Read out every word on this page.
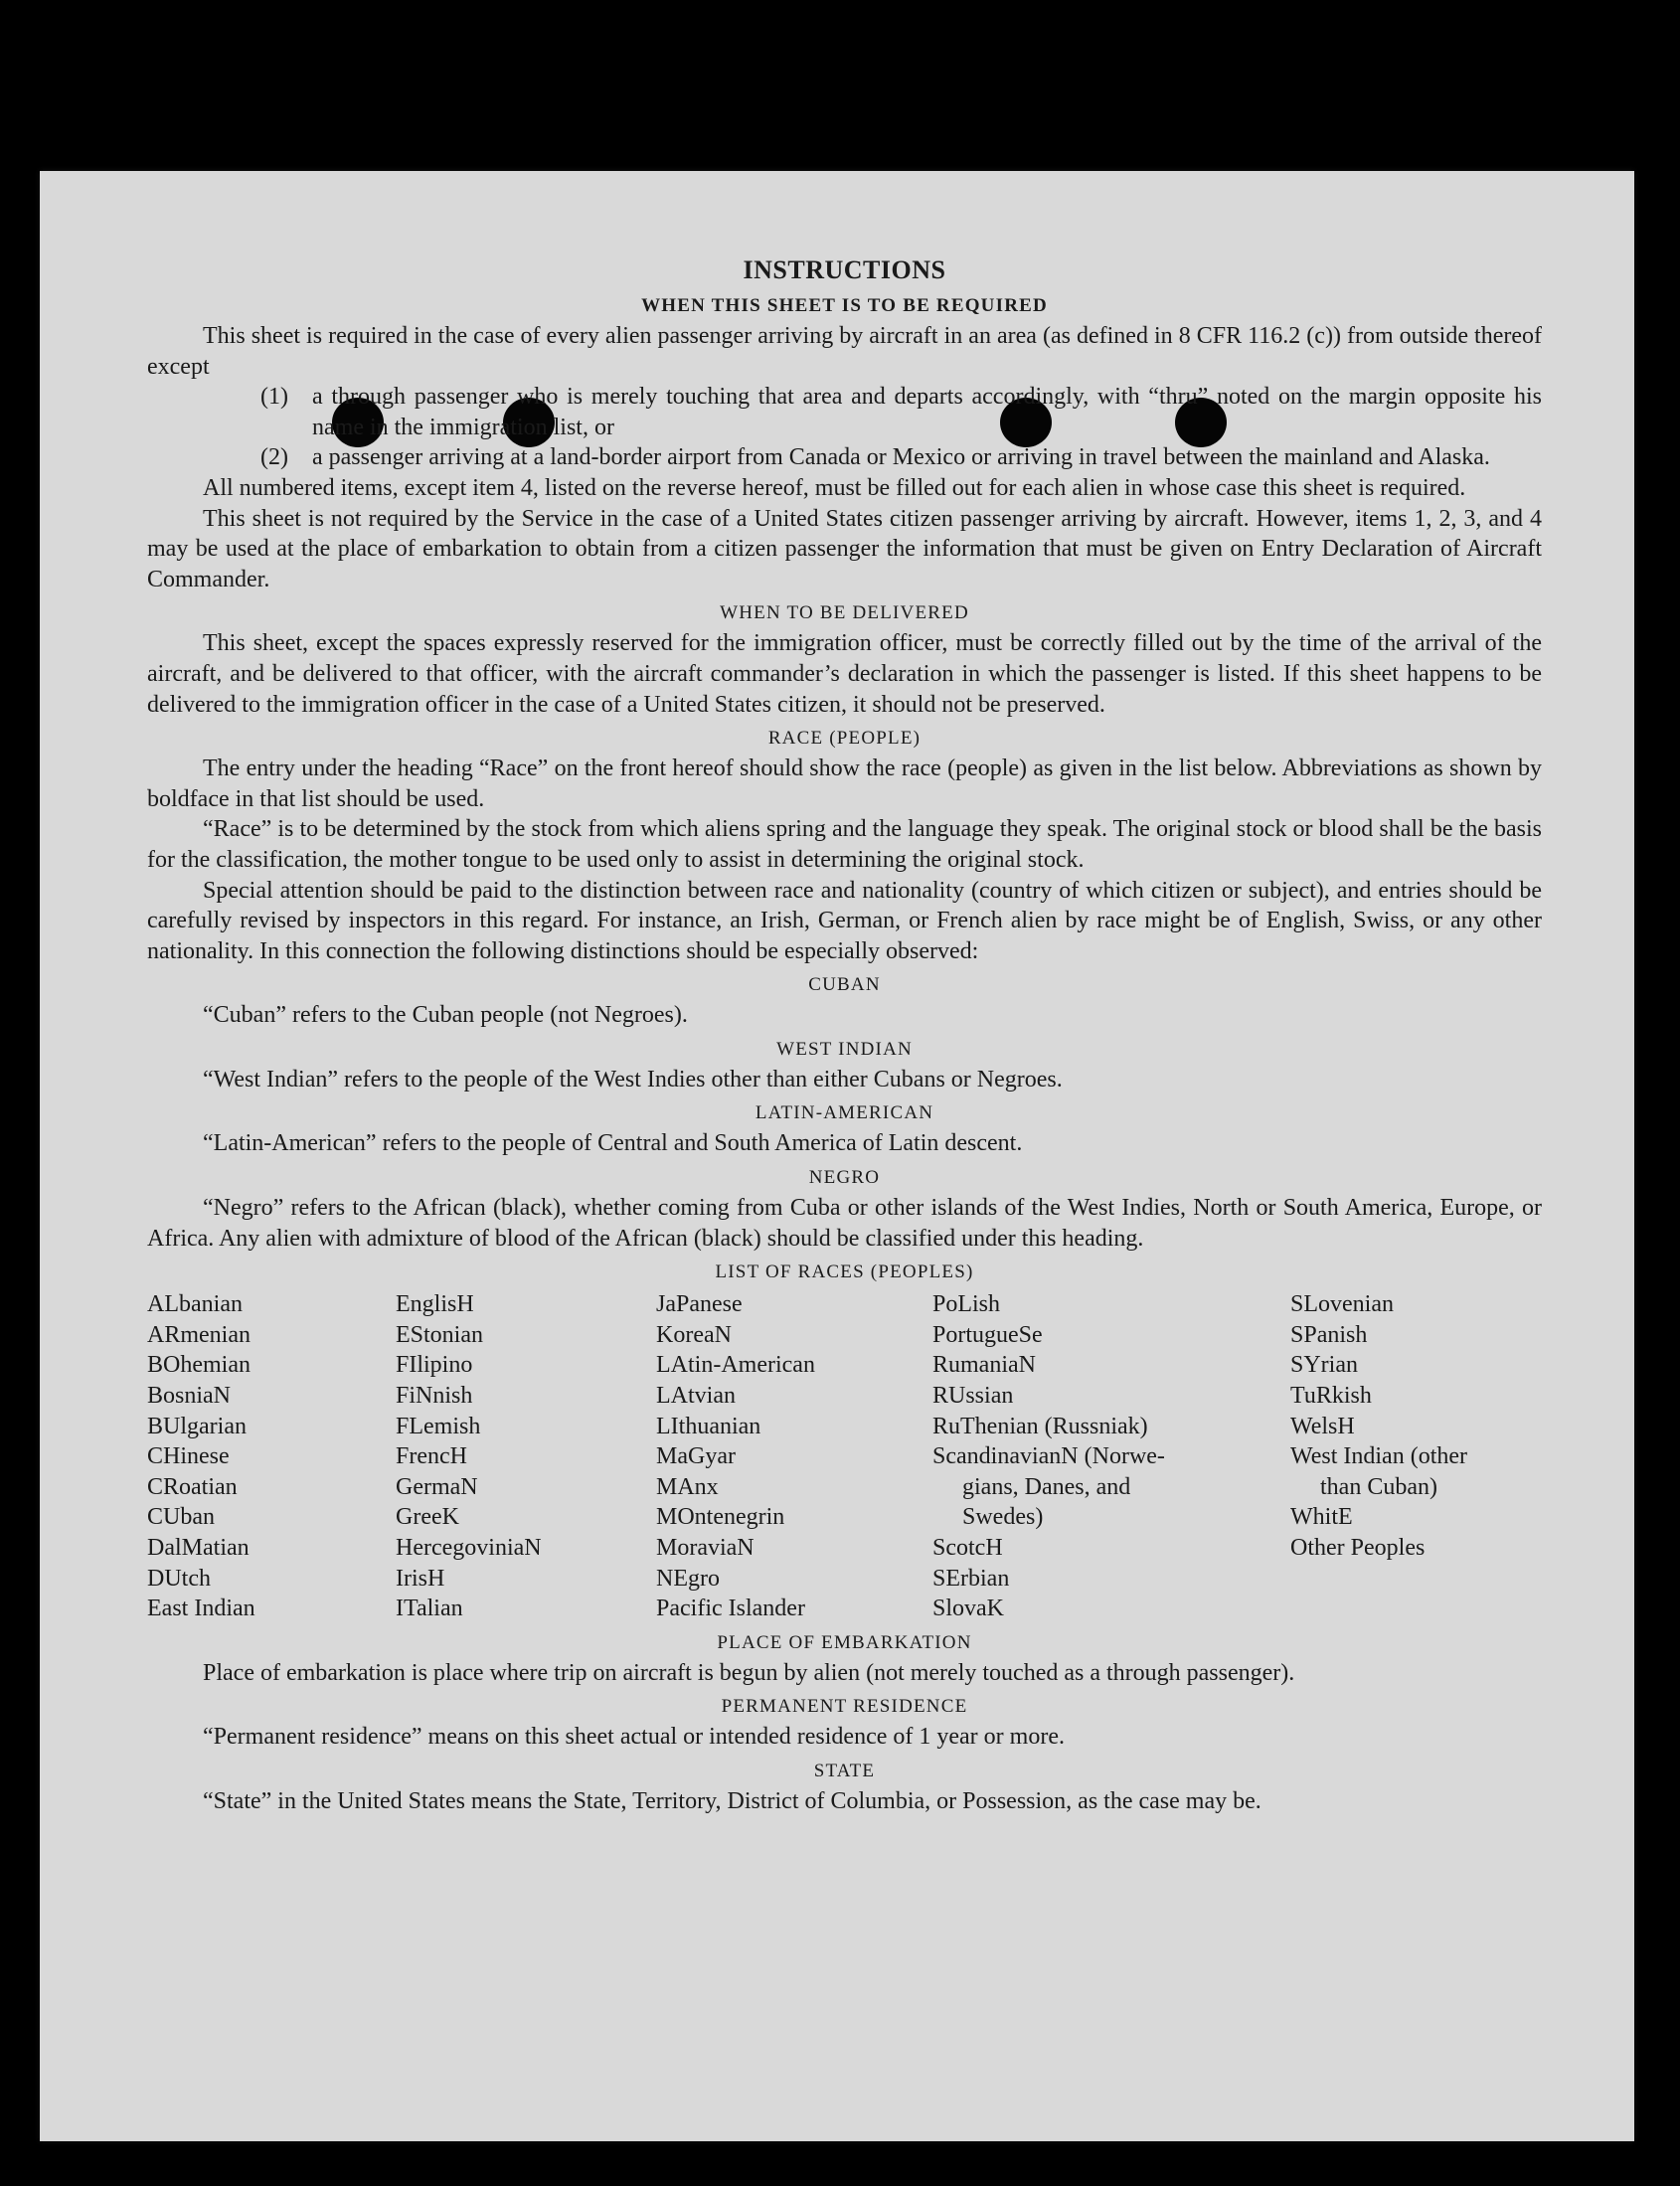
INSTRUCTIONS
WHEN THIS SHEET IS TO BE REQUIRED

This sheet is required in the case of every alien passenger arriving by aircraft in an area (as defined in 8 CFR 116.2 (c)) from outside thereof except

(1) a through passenger who is merely touching that area and departs accordingly, with “thru” noted on the margin opposite his name in the immigration list, or
(2) a passenger arriving at a land-border airport from Canada or Mexico or arriving in travel between the mainland and Alaska.

All numbered items, except item 4, listed on the reverse hereof, must be filled out for each alien in whose case this sheet is required.

This sheet is not required by the Service in the case of a United States citizen passenger arriving by aircraft. However, items 1, 2, 3, and 4 may be used at the place of embarkation to obtain from a citizen passenger the information that must be given on Entry Declaration of Aircraft Commander.

WHEN TO BE DELIVERED

This sheet, except the spaces expressly reserved for the immigration officer, must be correctly filled out by the time of the arrival of the aircraft, and be delivered to that officer, with the aircraft commander’s declaration in which the passenger is listed. If this sheet happens to be delivered to the immigration officer in the case of a United States citizen, it should not be preserved.

RACE (PEOPLE)

The entry under the heading “Race” on the front hereof should show the race (people) as given in the list below. Abbreviations as shown by boldface in that list should be used.

“Race” is to be determined by the stock from which aliens spring and the language they speak. The original stock or blood shall be the basis for the classification, the mother tongue to be used only to assist in determining the original stock.

Special attention should be paid to the distinction between race and nationality (country of which citizen or subject), and entries should be carefully revised by inspectors in this regard. For instance, an Irish, German, or French alien by race might be of English, Swiss, or any other nationality. In this connection the following distinctions should be especially observed:

CUBAN

“Cuban” refers to the Cuban people (not Negroes).

WEST INDIAN

“West Indian” refers to the people of the West Indies other than either Cubans or Negroes.

LATIN-AMERICAN

“Latin-American” refers to the people of Central and South America of Latin descent.

NEGRO

“Negro” refers to the African (black), whether coming from Cuba or other islands of the West Indies, North or South America, Europe, or Africa. Any alien with admixture of blood of the African (black) should be classified under this heading.

LIST OF RACES (PEOPLES)
ALbanian
ARmenian
BOhemian
BosniaN
BUlgarian
CHinese
CRoatian
CUban
DalMatian
DUtch
East Indian
EnglisH
EStonian
FIlipino
FiNnish
FLemish
FrencH
GermaN
GreeK
HercegoviniaN
IrisH
ITalian
JaPanese
KoreaN
LAtin-American
LAtvian
LIthuanian
MaGyar
MAnx
MOntenegrin
MoraviaN
NEgro
Pacific Islander
PoLish
PortugueSe
RumaniaN
RUssian
RuThenian (Russniak)
ScandinavianN (Norwe-
gians, Danes, and
Swedes)
ScotcH
SErbian
SlovaK
SLovenian
SPanish
SYrian
TuRkish
WelsH
West Indian (other
than Cuban)
WhitE
Other Peoples
PLACE OF EMBARKATION

Place of embarkation is place where trip on aircraft is begun by alien (not merely touched as a through passenger).

PERMANENT RESIDENCE

“Permanent residence” means on this sheet actual or intended residence of 1 year or more.

STATE

“State” in the United States means the State, Territory, District of Columbia, or Possession, as the case may be.
